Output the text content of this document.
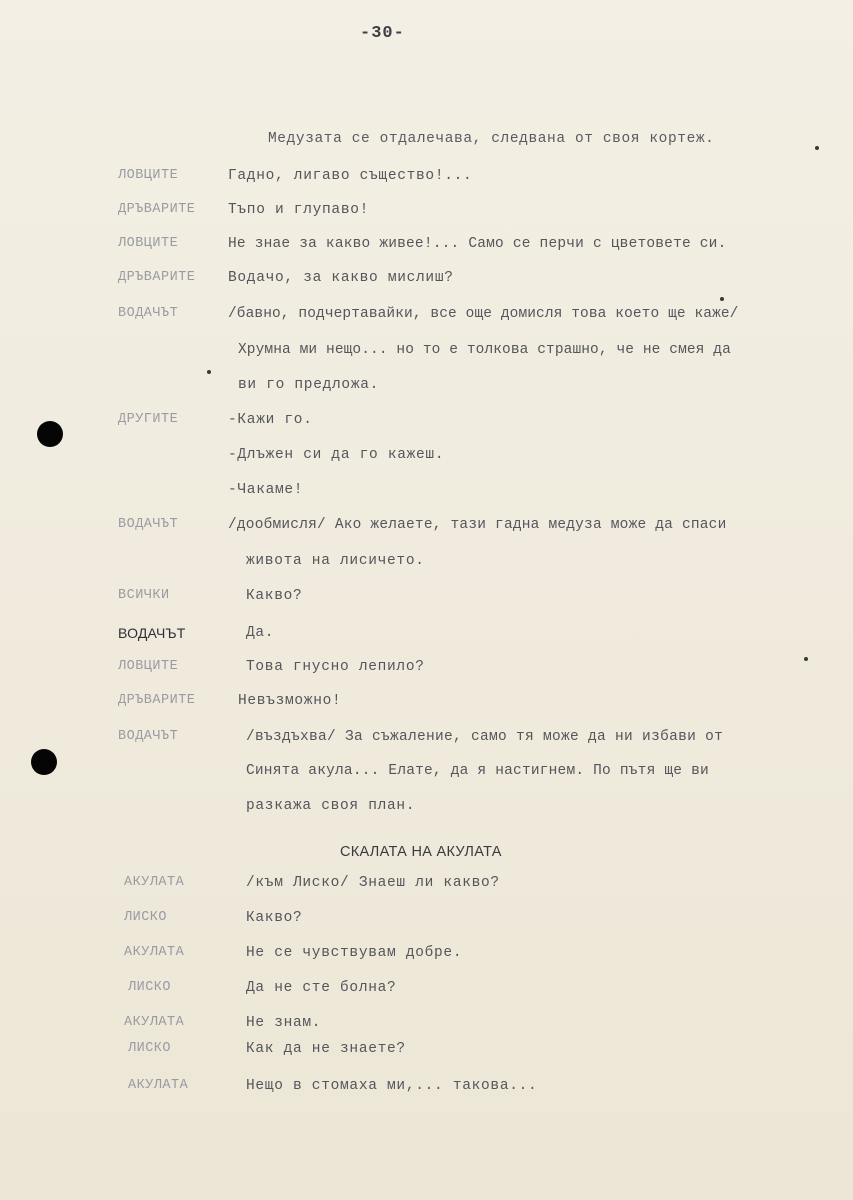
-30-
Медузата се отдалечава, следвана от своя кортеж.
ЛОВЦИТЕ	Гадно, лигаво същество!...
ДРЪВАРИТЕ	Тъпо и глупаво!
ЛОВЦИТЕ	Не знае за какво живее!... Само се перчи с цветовете си.
ДРЪВАРИТЕ	Водачо, за какво мислиш?
ВОДАЧЪТ	/бавно, подчертавайки, все още домисля това което ще каже/
Хрумна ми нещо... но то е толкова страшно, че не смея да
ви го предложа.
ДРУГИТЕ	-Кажи го.
-Длъжен си да го кажеш.
-Чакаме!
ВОДАЧЪТ	/дообмисля/ Ако желаете, тази гадна медуза може да спаси
живота на лисичето.
ВСИЧКИ	Какво?
ВОДАЧЪТ	Да.
ЛОВЦИТЕ	Това гнусно лепило?
ДРЪВАРИТЕ	Невъзможно!
ВОДАЧЪТ	/въздъхва/ За съжаление, само тя може да ни избави от
Синята акула... Елате, да я настигнем. По пътя ще ви
разкажа своя план.
СКАЛАТА НА АКУЛАТА
АКУЛАТА	/към Лиско/ Знаеш ли какво?
ЛИСКО	Какво?
АКУЛАТА	Не се чувствувам добре.
ЛИСКО	Да не сте болна?
АКУЛАТА	Не знам.
ЛИСКО	Как да не знаете?
АКУЛАТА	Нещо в стомаха ми,... такова...
